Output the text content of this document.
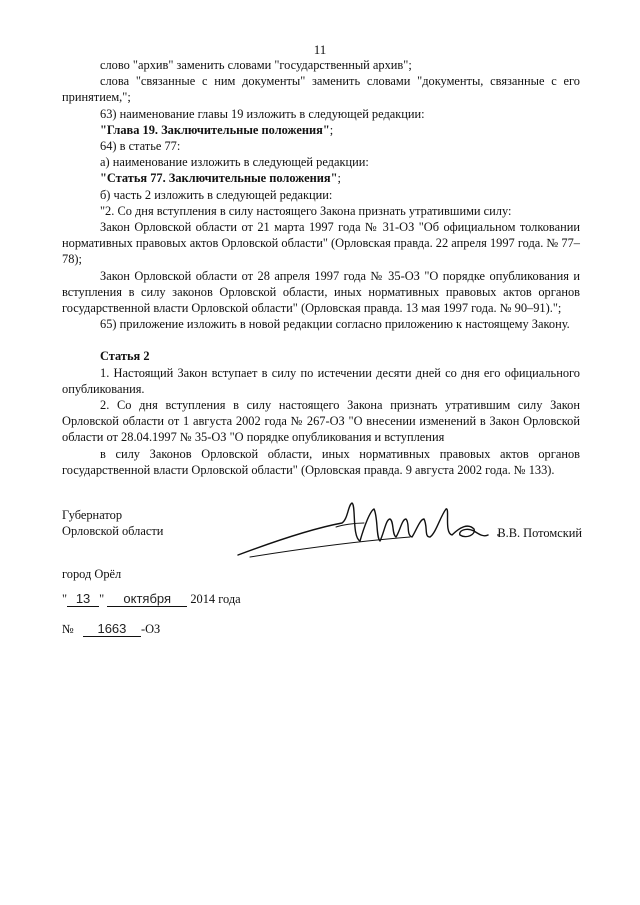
11

слово "архив" заменить словами "государственный архив";

слова "связанные с ним документы" заменить словами "документы, связанные с его принятием,";

63) наименование главы 19 изложить в следующей редакции:

"Глава 19. Заключительные положения";

64) в статье 77:

а) наименование изложить в следующей редакции:

"Статья 77. Заключительные положения";

б) часть 2 изложить в следующей редакции:

"2. Со дня вступления в силу настоящего Закона признать утратившими силу:

Закон Орловской области от 21 марта 1997 года № 31-ОЗ "Об официальном толковании нормативных правовых актов Орловской области" (Орловская правда. 22 апреля 1997 года. № 77–78);

Закон Орловской области от 28 апреля 1997 года № 35-ОЗ "О порядке опубликования и вступления в силу законов Орловской области, иных нормативных правовых актов органов государственной власти Орловской области" (Орловская правда. 13 мая 1997 года. № 90–91).";

65) приложение изложить в новой редакции согласно приложению к настоящему Закону.

Статья 2

1. Настоящий Закон вступает в силу по истечении десяти дней со дня его официального опубликования.

2. Со дня вступления в силу настоящего Закона признать утратившим силу Закон Орловской области от 1 августа 2002 года № 267-ОЗ "О внесении изменений в Закон Орловской области от 28.04.1997 № 35-ОЗ "О порядке опубликования и вступления

в силу Законов Орловской области, иных нормативных правовых актов органов государственной власти Орловской области" (Орловская правда. 9 августа 2002 года. № 133).

Губернатор
Орловской области	В.В. Потомский
город Орёл
" 13 " октября 2014 года
№ 1663 -ОЗ
